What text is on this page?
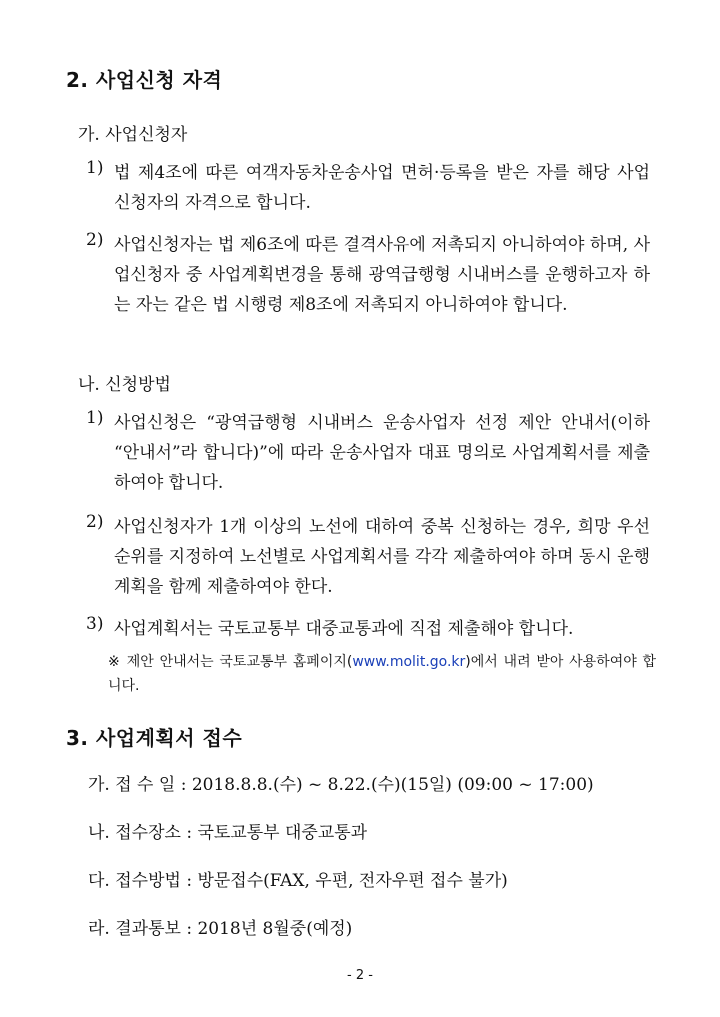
2. 사업신청 자격
가. 사업신청자
1) 법 제4조에 따른 여객자동차운송사업 면허·등록을 받은 자를 해당 사업 신청자의 자격으로 합니다.
2) 사업신청자는 법 제6조에 따른 결격사유에 저촉되지 아니하여야 하며, 사업신청자 중 사업계획변경을 통해 광역급행형 시내버스를 운행하고자 하는 자는 같은 법 시행령 제8조에 저촉되지 아니하여야 합니다.
나. 신청방법
1) 사업신청은 “광역급행형 시내버스 운송사업자 선정 제안 안내서(이하 “안내서”라 합니다)”에 따라 운송사업자 대표 명의로 사업계획서를 제출하여야 합니다.
2) 사업신청자가 1개 이상의 노선에 대하여 중복 신청하는 경우, 희망 우선순위를 지정하여 노선별로 사업계획서를 각각 제출하여야 하며 동시 운행계획을 함께 제출하여야 한다.
3) 사업계획서는 국토교통부 대중교통과에 직접 제출해야 합니다.
※ 제안 안내서는 국토교통부 홈페이지(www.molit.go.kr)에서 내려 받아 사용하여야 합니다.
3. 사업계획서 접수
가. 접 수 일 : 2018.8.8.(수) ~ 8.22.(수)(15일) (09:00 ~ 17:00)
나. 접수장소 : 국토교통부 대중교통과
다. 접수방법 : 방문접수(FAX, 우편, 전자우편 접수 불가)
라. 결과통보 : 2018년 8월중(예정)
- 2 -
